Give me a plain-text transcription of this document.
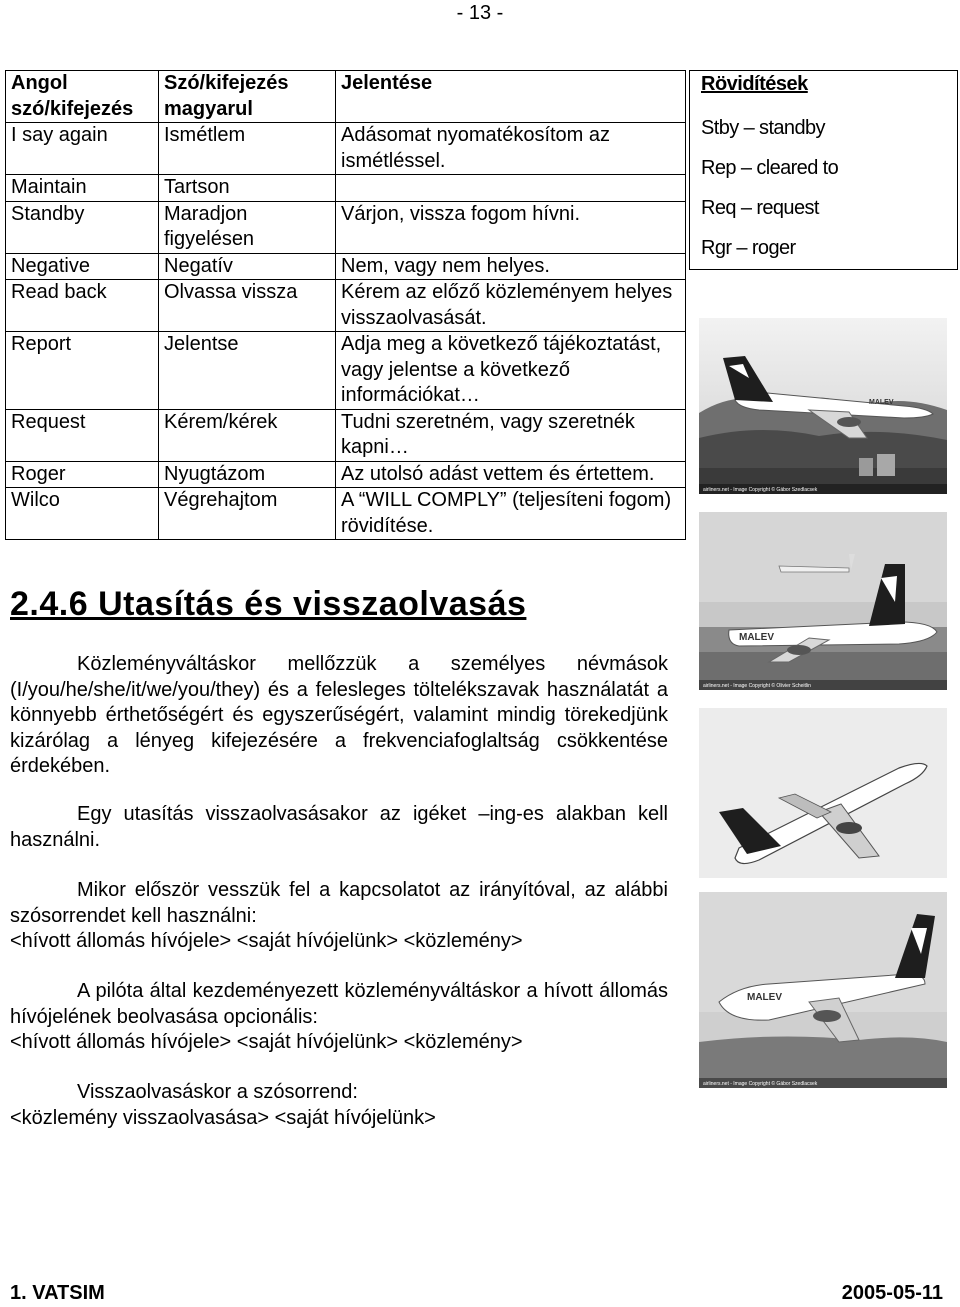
- 13 -
Angol szó/kifejezés	Szó/kifejezés magyarul	Jelentése
I say again	Ismétlem	Adásomat nyomatékosítom az ismétléssel.
Maintain	Tartson	
Standby	Maradjon figyelésen	Várjon, vissza fogom hívni.
Negative	Negatív	Nem, vagy nem helyes.
Read back	Olvassa vissza	Kérem az előző közleményem helyes visszaolvasását.
Report	Jelentse	Adja meg a következő tájékoztatást, vagy jelentse a következő információkat…
Request	Kérem/kérek	Tudni szeretném, vagy szeretnék kapni…
Roger	Nyugtázom	Az utolsó adást vettem és értettem.
Wilco	Végrehajtom	A “WILL COMPLY” (teljesíteni fogom) rövidítése.
Rövidítések
Stby – standby
Rep – cleared to
Req – request
Rgr – roger
MALEV
airliners.net - Image Copyright © Gábor Szedlacsek
MALEV
airliners.net - Image Copyright © Olivier Scheitlin
MALEV
airliners.net - Image Copyright © Gábor Szedlacsek
2.4.6 Utasítás és visszaolvasás

Közleményváltáskor mellőzzük a személyes névmások (I/you/he/she/it/we/you/they) és a felesleges töltelékszavak használatát a könnyebb érthetőségért és egyszerűségért, valamint mindig törekedjünk kizárólag a lényeg kifejezésére a frekvenciafoglaltság csökkentése érdekében.

Egy utasítás visszaolvasásakor az igéket –ing-es alakban kell használni.

Mikor először vesszük fel a kapcsolatot az irányítóval, az alábbi szósorrendet kell használni:

<hívott állomás hívójele> <saját hívójelünk> <közlemény>

A pilóta által kezdeményezett közleményváltáskor a hívott állomás hívójelének beolvasása opcionális:

<hívott állomás hívójele> <saját hívójelünk> <közlemény>

Visszaolvasáskor a szósorrend:

<közlemény visszaolvasása> <saját hívójelünk>

1. VATSIM	2005-05-11
